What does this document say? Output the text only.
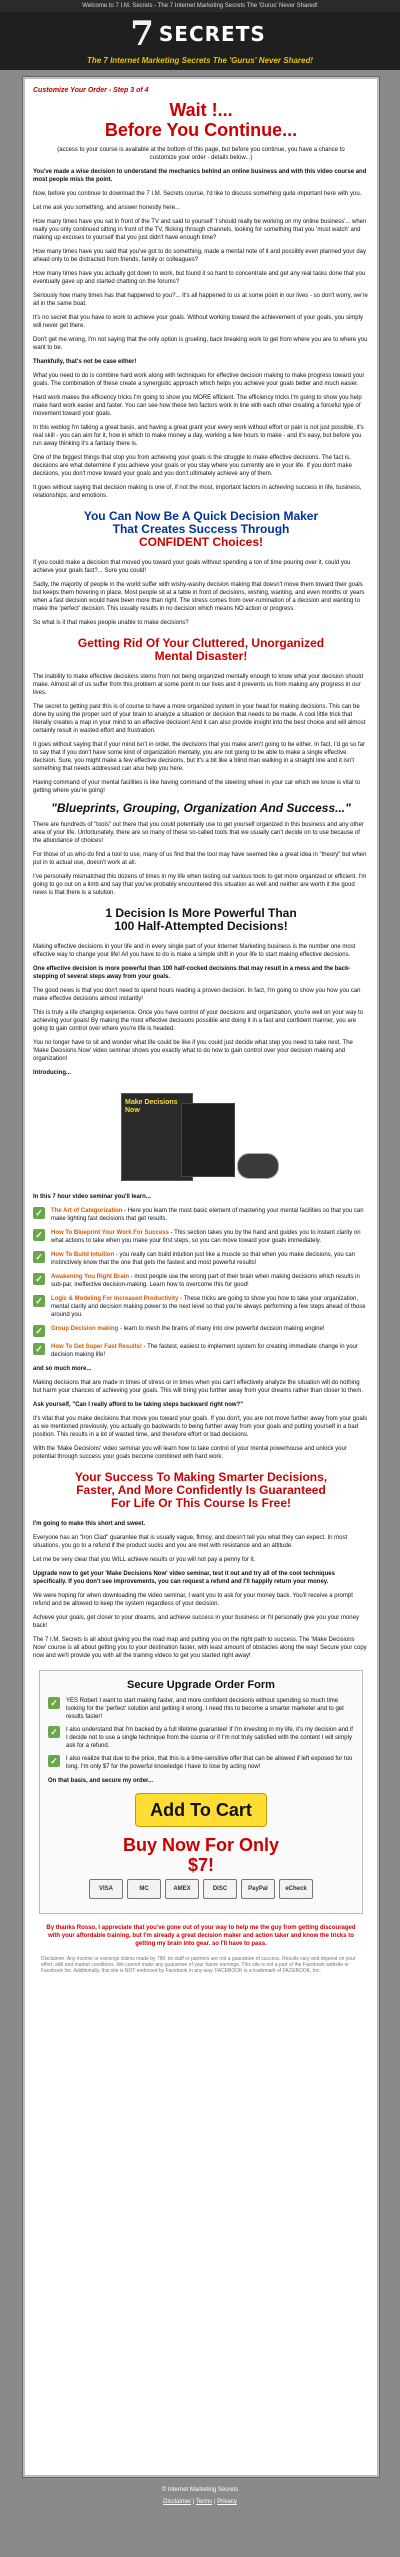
Welcome to 7 I.M. Secrets - The 7 Internet Marketing Secrets The 'Gurus' Never Shared!
7 SECRETS
The 7 Internet Marketing Secrets The 'Gurus' Never Shared!
Customize Your Order - Step 3 of 4
Wait !...
Before You Continue...
(access to your course is available at the bottom of this page, but before you continue, you have a chance to customize your order - details below...)

You've made a wise decision to understand the mechanics behind an online business and with this video course and most people miss the point.

Now, before you continue to download the 7 I.M. Secrets course, I'd like to discuss something quite important here with you.

Let me ask you something, and answer honestly here...

How many times have you sat in front of the TV and said to yourself 'I should really be working on my online business'... when really you only continued sitting in front of the TV, flicking through channels, looking for something that you 'must watch' and making up excuses to yourself that you just didn't have enough time?

How many times have you said that you've got to do something, made a mental note of it and possibly even planned your day ahead only to be distracted from friends, family or colleagues?

How many times have you actually got down to work, but found it so hard to concentrate and get any real tasks done that you eventually gave up and started chatting on the forums?

Seriously how many times has that happened to you?... It's all happened to us at some point in our lives - so don't worry, we're all in the same boat.

It's no secret that you have to work to achieve your goals. Without working toward the achievement of your goals, you simply will never get there.

Don't get me wrong, I'm not saying that the only option is grueling, back breaking work to get from where you are to where you want to be.

Thankfully, that's not be case either!

What you need to do is combine hard work along with techniques for effective decision making to make progress toward your goals. The combination of these create a synergistic approach which helps you achieve your goals better and much easier.

Hard work makes the efficiency tricks I'm going to show you MORE efficient. The efficiency tricks I'm going to show you help make hard work easier and faster. You can see how these two factors work in line with each other creating a forceful type of movement toward your goals.

In this weblog I'm talking a great basis, and having a great grant your every work without effort or pain is not just possible, it's real skill - you can aim for it, how in which to make money a day, working a few hours to make - and it's easy, but before you run away thinking it's a fantasy there is.

One of the biggest things that stop you from achieving your goals is the struggle to make effective decisions. The fact is, decisions are what determine if you achieve your goals or you stay where you currently are in your life. If you don't make decisions, you don't move toward your goals and you don't ultimately achieve any of them.

It goes without saying that decision making is one of, if not the most, important factors in achieving success in life, business, relationships, and emotions.

You Can Now Be A Quick Decision Maker
That Creates Success Through
CONFIDENT Choices!

If you could make a decision that moved you toward your goals without spending a ton of time pouring over it, could you achieve your goals fast?... Sure you could!

Sadly, the majority of people in the world suffer with wishy-washy decision making that doesn't move them toward their goals but keeps them hovering in place. Most people sit at a table in front of decisions, wishing, wanting, and even months or years when a fast decision would have been more than right. The stress comes from over-rumination of a decision and wanting to make the 'perfect' decision. This usually results in no decision which means NO action or progress.

So what is it that makes people unable to make decisions?

Getting Rid Of Your Cluttered, Unorganized
Mental Disaster!

The inability to make effective decisions stems from not being organized mentally enough to know what your decision should make. Almost all of us suffer from this problem at some point in our lives and it prevents us from making any progress in our lives.

The secret to getting past this is of course to have a more organized system in your head for making decisions. This can be done by using the proper sort of your brain to analyze a situation or decision that needs to be made. A cool little trick that literally creates a map in your mind to an effective decision! And it can also provide insight into the best choice and will almost certainly result in wasted effort and frustration.

It goes without saying that if your mind isn't in order, the decisions that you make aren't going to be either. In fact, I'd go so far to say that if you don't have some kind of organization mentally, you are not going to be able to make a single effective decision. Sure, you might make a few effective decisions, but it's a bit like a blind man walking in a straight line and it isn't something that needs addressed can also help you here.

Having command of your mental facilities is like having command of the steering wheel in your car which we know is vital to getting where you're going!

"Blueprints, Grouping, Organization And Success..."

There are hundreds of "tools" out there that you could potentially use to get yourself organized in this business and any other area of your life. Unfortunately, there are so many of these so-called tools that we usually can't decide on to use because of the abundance of choices!

For those of us who do find a tool to use, many of us find that the tool may have seemed like a great idea in "theory" but when put in to actual use, doesn't work at all.

I've personally mismatched this dozens of times in my life when testing out various tools to get more organized or efficient. I'm going to go out on a limb and say that you've probably encountered this situation as well and neither are worth it the good news is that there is a solution.

1 Decision Is More Powerful Than
100 Half-Attempted Decisions!

Making effective decisions in your life and in every single part of your Internet Marketing business is the number one most effective way to change your life! All you have to do is make a simple shift in your life to start making effective decisions.

One effective decision is more powerful than 100 half-cocked decisions that may result in a mess and the back-stepping of several steps away from your goals.

The good news is that you don't need to spend hours reading a proven decision. In fact, I'm going to show you how you can make effective decisions almost instantly!

This is truly a life changing experience. Once you have control of your decisions and organization, you're well on your way to achieving your goals! By making the most effective decisions possible and doing it in a fast and confident manner, you are going to gain control over where you're life is headed.

You no longer have to sit and wonder what life could be like if you could just decide what step you need to take next. The 'Make Decisions Now' video seminar shows you exactly what to do now to gain control over your decision making and organization!

Introducing...

Make Decisions Now

In this 7 hour video seminar you'll learn...

✓	The Art of Categorization - Here you learn the most basic element of mastering your mental facilities so that you can make lighting fast decisions that get results.

✓	How To Blueprint Your Work For Success - This section takes you by the hand and guides you to instant clarity on what actions to take when you make your first steps, so you can move toward your goals immediately.

✓	How To Build Intuition - you really can build intuition just like a muscle so that when you make decisions, you can instinctively know that the one that gets the fastest and most powerful results!

✓	Awakening You Right Brain - most people use the wrong part of their brain when making decisions which results in sub-par, ineffective decision-making. Learn how to overcome this for good!

✓	Logic & Modeling For Increased Productivity - These tricks are going to show you how to take your organization, mental clarity and decision making power to the next level so that you're always performing a few steps ahead of those around you.

✓	Group Decision making - learn to mesh the brains of many into one powerful decision making engine!

✓	How To Get Super Fast Results! - The fastest, easiest to implement system for creating immediate change in your decision making life!

and so much more...

Making decisions that are made in times of stress or in times when you can't effectively analyze the situation will do nothing but harm your chances of achieving your goals. This will bring you further away from your dreams rather than closer to them.

Ask yourself, "Can I really afford to be taking steps backward right now?"

It's vital that you make decisions that move you toward your goals. If you don't, you are not move further away from your goals as we mentioned previously, you actually go backwards to being further away from your goals and putting yourself in a bad position. This results in a lot of wasted time, and therefore effort or bad decisions.

With the 'Make Decisions' video seminar you will learn how to take control of your mental powerhouse and unlock your potential through success your goals become combined with hard work.

Your Success To Making Smarter Decisions,
Faster, And More Confidently Is Guaranteed
For Life Or This Course Is Free!

I'm going to make this short and sweet.

Everyone has an "Iron Clad" guarantee that is usually vague, flimsy, and doesn't tell you what they can expect. In most situations, you go to a refund if the product sucks and you are met with resistance and an attitude.

Let me be very clear that you WILL achieve results or you will not pay a penny for it.

Upgrade now to get your 'Make Decisions Now' video seminar, test it out and try all of the cool techniques specifically. If you don't see improvements, you can request a refund and I'll happily return your money.

We were hoping for when downloading the video seminar, I want you to ask for your money back. You'll receive a prompt refund and be allowed to keep the system regardless of your decision.

Achieve your goals, get closer to your dreams, and achieve success in your business or I'll personally give you your money back!

The 7 I.M. Secrets is all about giving you the road map and putting you on the right path to success. The 'Make Decisions Now' course is all about getting you to your destination faster, with least amount of obstacles along the way! Secure your copy now and we'll provide you with all the training videos to get you started right away!

Secure Upgrade Order Form
✓	YES Robert I want to start making faster, and more confident decisions without spending so much time looking for the 'perfect' solution and getting it wrong. I need this to become a smarter marketer and to get results faster!

✓	I also understand that I'm backed by a full lifetime guarantee! If I'm investing in my life, it's my decision and if I decide not to use a single technique from the course or if I'm not truly satisfied with the content I will simply ask for a refund.

✓	I also realize that due to the price, that this is a time-sensitive offer that can be allowed if left exposed for too long. I'm only $7 for the powerful knowledge I have to lose by acting now!

On that basis, and secure my order...

Add To Cart
Buy Now For Only
$7!
VISA	MC	AMEX	DISC	PayPal	eCheck
By thanks Rosso, I appreciate that you've gone out of your way to help me the guy from getting discouraged with your affordable training, but I'm already a great decision maker and action taker and know the tricks to getting my brain into gear. so I'll have to pass.
Disclaimer: Any income or earnings claims made by 7IM, its staff or partners are not a guarantee of success. Results vary and depend on your effort, skill and market conditions. We cannot make any guarantee of your future earnings. This site is not a part of the Facebook website or Facebook Inc. Additionally, this site is NOT endorsed by Facebook in any way. FACEBOOK is a trademark of FACEBOOK, Inc.
© Internet Marketing Secrets
Disclaimer | Terms | Privacy
